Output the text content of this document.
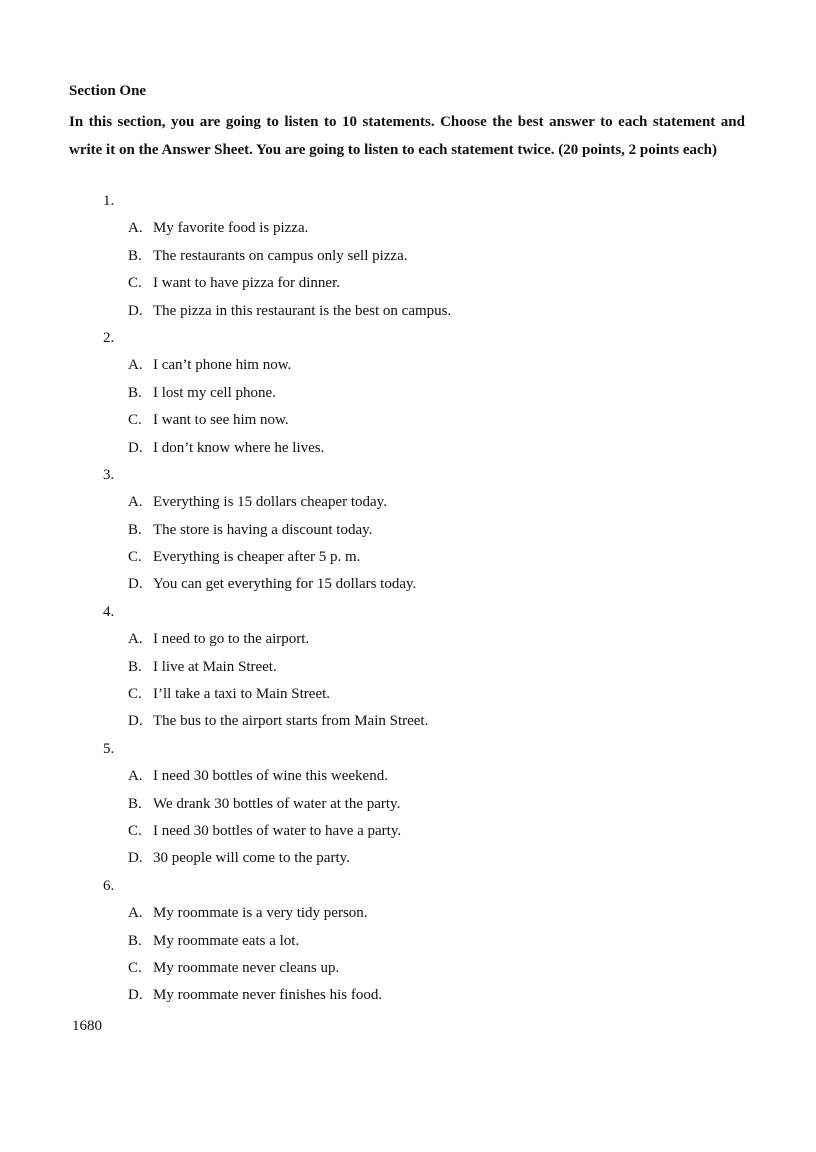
Section One
In this section, you are going to listen to 10 statements. Choose the best answer to each statement and write it on the Answer Sheet. You are going to listen to each statement twice. (20 points, 2 points each)
1.
A. My favorite food is pizza.
B. The restaurants on campus only sell pizza.
C. I want to have pizza for dinner.
D. The pizza in this restaurant is the best on campus.
2.
A. I can’t phone him now.
B. I lost my cell phone.
C. I want to see him now.
D. I don’t know where he lives.
3.
A. Everything is 15 dollars cheaper today.
B. The store is having a discount today.
C. Everything is cheaper after 5 p. m.
D. You can get everything for 15 dollars today.
4.
A. I need to go to the airport.
B. I live at Main Street.
C. I’ll take a taxi to Main Street.
D. The bus to the airport starts from Main Street.
5.
A. I need 30 bottles of wine this weekend.
B. We drank 30 bottles of water at the party.
C. I need 30 bottles of water to have a party.
D. 30 people will come to the party.
6.
A. My roommate is a very tidy person.
B. My roommate eats a lot.
C. My roommate never cleans up.
D. My roommate never finishes his food.
1680
